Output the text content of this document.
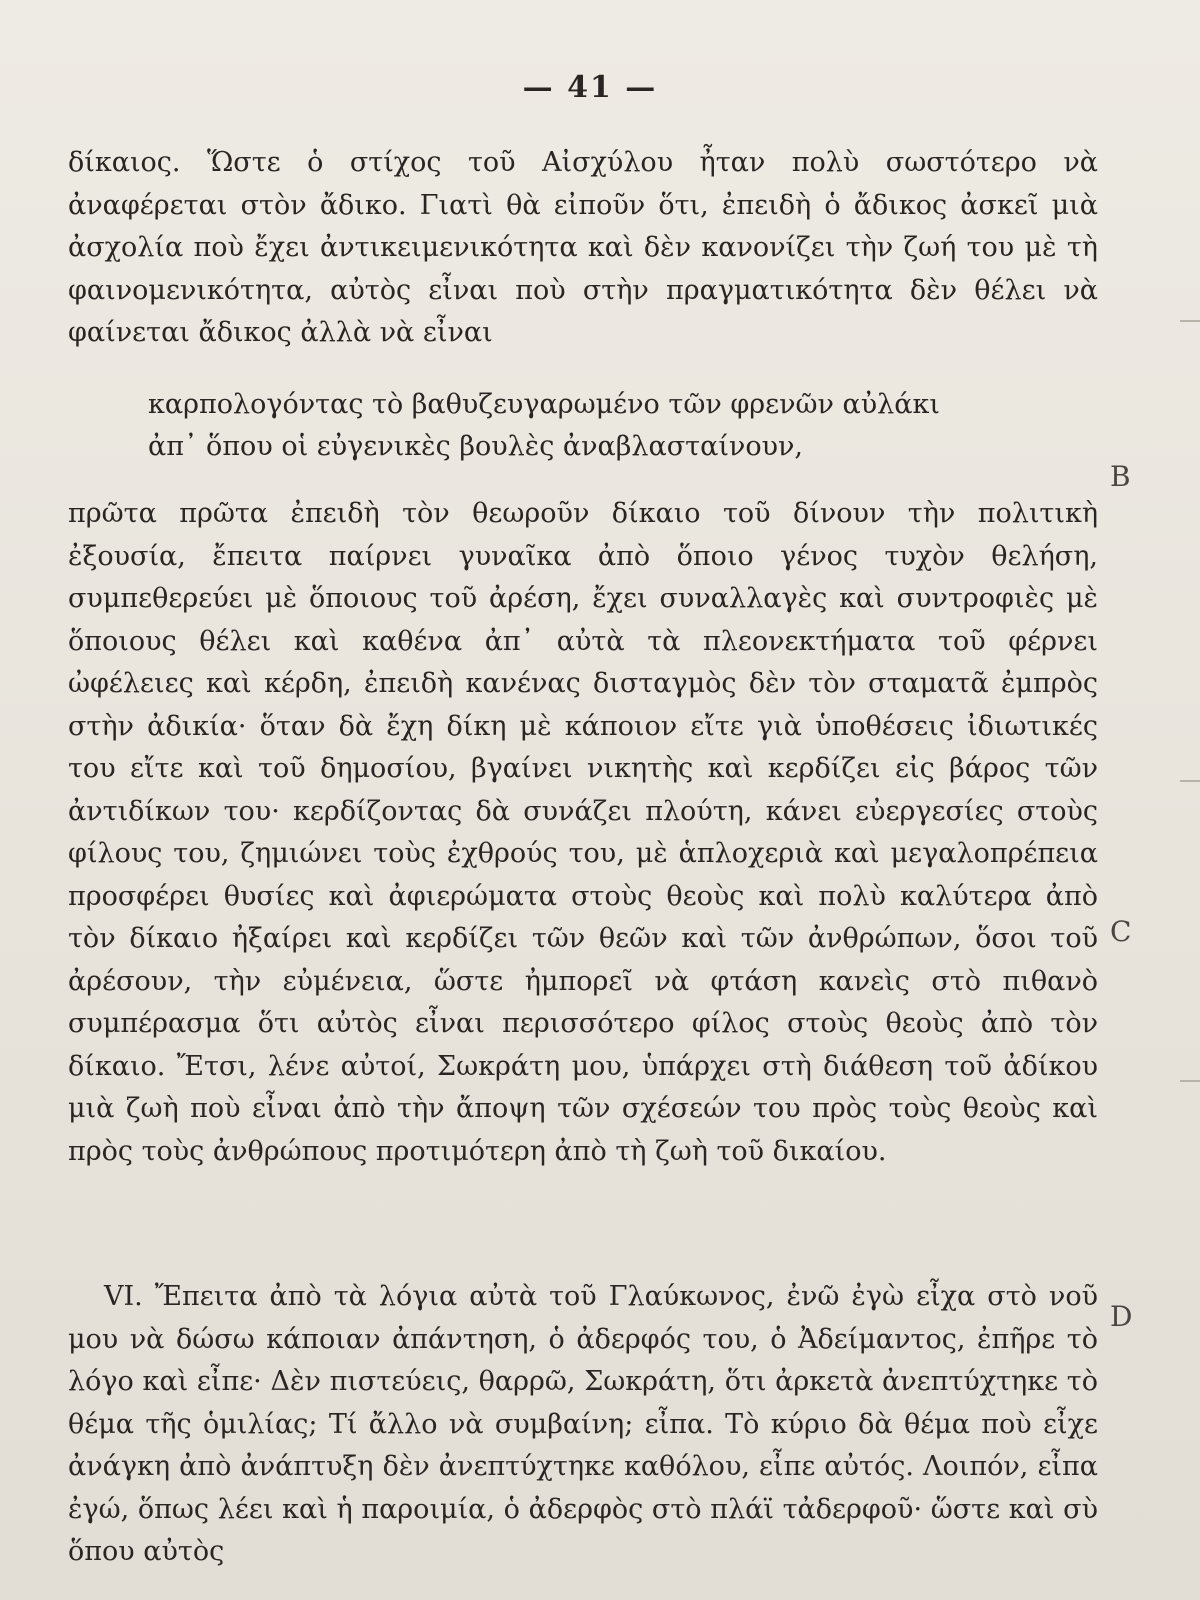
— 41 —

δίκαιος. Ὥστε ὁ στίχος τοῦ Αἰσχύλου ἦταν πολὺ σωστότερο νὰ ἀναφέρεται στὸν ἄδικο. Γιατὶ θὰ εἰποῦν ὅτι, ἐπειδὴ ὁ ἄδικος ἀσκεῖ μιὰ ἀσχολία ποὺ ἔχει ἀντικειμενικότητα καὶ δὲν κανονίζει τὴν ζωή του μὲ τὴ φαινομενικότητα, αὐτὸς εἶναι ποὺ στὴν πραγματικότητα δὲν θέλει νὰ φαίνεται ἄδικος ἀλλὰ νὰ εἶναι

καρπολογόντας τὸ βαθυζευγαρωμένο τῶν φρενῶν αὐλάκι
ἀπ᾿ ὅπου οἱ εὐγενικὲς βουλὲς ἀναβλασταίνουν,

πρῶτα πρῶτα ἐπειδὴ τὸν θεωροῦν δίκαιο τοῦ δίνουν τὴν πολιτικὴ ἐξουσία, ἔπειτα παίρνει γυναῖκα ἀπὸ ὅποιο γένος τυχὸν θελήση, συμπεθερεύει μὲ ὅποιους τοῦ ἀρέση, ἔχει συναλλαγὲς καὶ συντροφιὲς μὲ ὅποιους θέλει καὶ καθένα ἀπ᾿ αὐτὰ τὰ πλεονεκτήματα τοῦ φέρνει ὠφέλειες καὶ κέρδη, ἐπειδὴ κανένας δισταγμὸς δὲν τὸν σταματᾶ ἐμπρὸς στὴν ἀδικία· ὅταν δὰ ἔχη δίκη μὲ κάποιον εἴτε γιὰ ὑποθέσεις ἰδιωτικές του εἴτε καὶ τοῦ δημοσίου, βγαίνει νικητὴς καὶ κερδίζει εἰς βάρος τῶν ἀντιδίκων του· κερδίζοντας δὰ συνάζει πλούτη, κάνει εὐεργεσίες στοὺς φίλους του, ζημιώνει τοὺς ἐχθρούς του, μὲ ἁπλοχεριὰ καὶ μεγαλοπρέπεια προσφέρει θυσίες καὶ ἀφιερώματα στοὺς θεοὺς καὶ πολὺ καλύτερα ἀπὸ τὸν δίκαιο ἠξαίρει καὶ κερδίζει τῶν θεῶν καὶ τῶν ἀνθρώπων, ὅσοι τοῦ ἀρέσουν, τὴν εὐμένεια, ὥστε ἠμπορεῖ νὰ φτάση κανεὶς στὸ πιθανὸ συμπέρασμα ὅτι αὐτὸς εἶναι περισσότερο φίλος στοὺς θεοὺς ἀπὸ τὸν δίκαιο. Ἔτσι, λένε αὐτοί, Σωκράτη μου, ὑπάρχει στὴ διάθεση τοῦ ἀδίκου μιὰ ζωὴ ποὺ εἶναι ἀπὸ τὴν ἄποψη τῶν σχέσεών του πρὸς τοὺς θεοὺς καὶ πρὸς τοὺς ἀνθρώπους προτιμότερη ἀπὸ τὴ ζωὴ τοῦ δικαίου.

VI. Ἔπειτα ἀπὸ τὰ λόγια αὐτὰ τοῦ Γλαύκωνος, ἐνῶ ἐγὼ εἶχα στὸ νοῦ μου νὰ δώσω κάποιαν ἀπάντηση, ὁ ἀδερφός του, ὁ Ἀδείμαντος, ἐπῆρε τὸ λόγο καὶ εἶπε· Δὲν πιστεύεις, θαρρῶ, Σωκράτη, ὅτι ἀρκετὰ ἀνεπτύχτηκε τὸ θέμα τῆς ὁμιλίας; Τί ἄλλο νὰ συμβαίνη; εἶπα. Τὸ κύριο δὰ θέμα ποὺ εἶχε ἀνάγκη ἀπὸ ἀνάπτυξη δὲν ἀνεπτύχτηκε καθόλου, εἶπε αὐτός. Λοιπόν, εἶπα ἐγώ, ὅπως λέει καὶ ἡ παροιμία, ὁ ἀδερφὸς στὸ πλάϊ τἀδερφοῦ· ὥστε καὶ σὺ ὅπου αὐτὸς

B
C
D
